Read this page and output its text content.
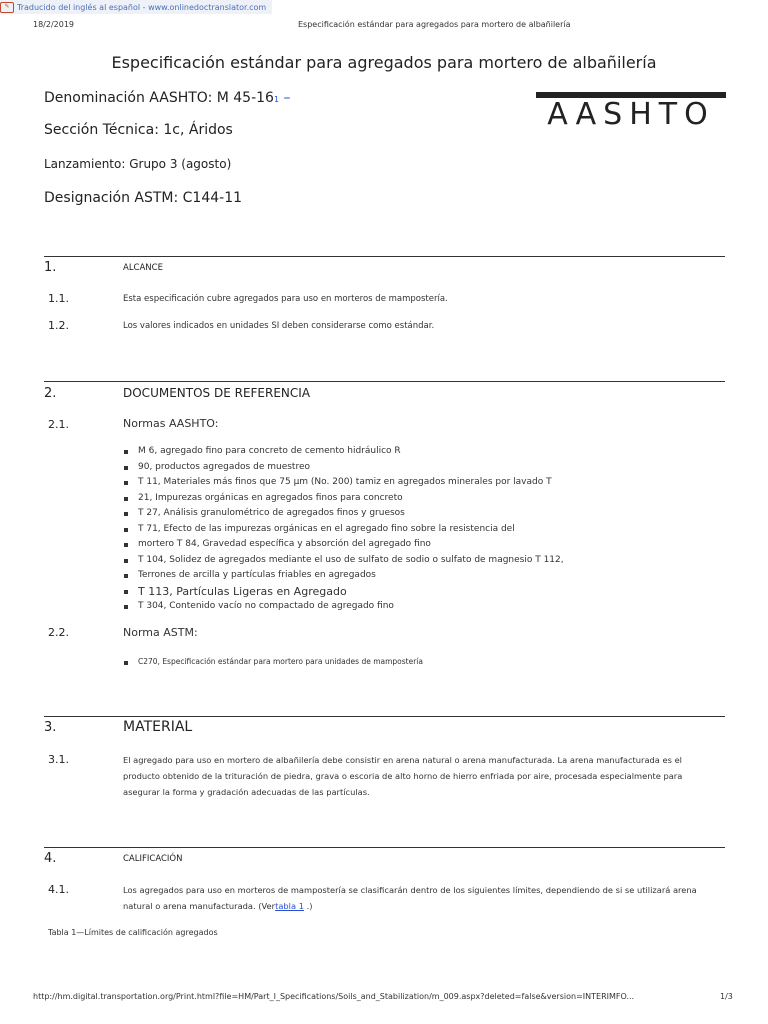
✎ Traducido del inglés al español - www.onlinedoctranslator.com
18/2/2019	Especificación estándar para agregados para mortero de albañilería
Especificación estándar para agregados para mortero de albañilería
Denominación AASHTO: M 45-161 –
Sección Técnica: 1c, Áridos
Lanzamiento: Grupo 3 (agosto)
Designación ASTM: C144-11
AASHTO
1.	ALCANCE
1.1.	Esta especificación cubre agregados para uso en morteros de mampostería.
1.2.	Los valores indicados en unidades SI deben considerarse como estándar.
2.	DOCUMENTOS DE REFERENCIA
2.1.	Normas AASHTO:
M 6, agregado fino para concreto de cemento hidráulico R
90, productos agregados de muestreo
T 11, Materiales más finos que 75 µm (No. 200) tamiz en agregados minerales por lavado T
21, Impurezas orgánicas en agregados finos para concreto
T 27, Análisis granulométrico de agregados finos y gruesos
T 71, Efecto de las impurezas orgánicas en el agregado fino sobre la resistencia del
mortero T 84, Gravedad específica y absorción del agregado fino
T 104, Solidez de agregados mediante el uso de sulfato de sodio o sulfato de magnesio T 112,
Terrones de arcilla y partículas friables en agregados
T 113, Partículas Ligeras en Agregado
T 304, Contenido vacío no compactado de agregado fino
2.2.	Norma ASTM:
C270, Especificación estándar para mortero para unidades de mampostería
3.	MATERIAL
3.1.	El agregado para uso en mortero de albañilería debe consistir en arena natural o arena manufacturada. La arena manufacturada es el producto obtenido de la trituración de piedra, grava o escoria de alto horno de hierro enfriada por aire, procesada especialmente para asegurar la forma y gradación adecuadas de las partículas.
4.	CALIFICACIÓN
4.1.	Los agregados para uso en morteros de mampostería se clasificarán dentro de los siguientes límites, dependiendo de si se utilizará arena natural o arena manufacturada. (Vertabla 1 .)
Tabla 1—Límites de calificación agregados
http://hm.digital.transportation.org/Print.html?file=HM/Part_I_Specifications/Soils_and_Stabilization/m_009.aspx?deleted=false&version=INTERIMFO...	1/3
